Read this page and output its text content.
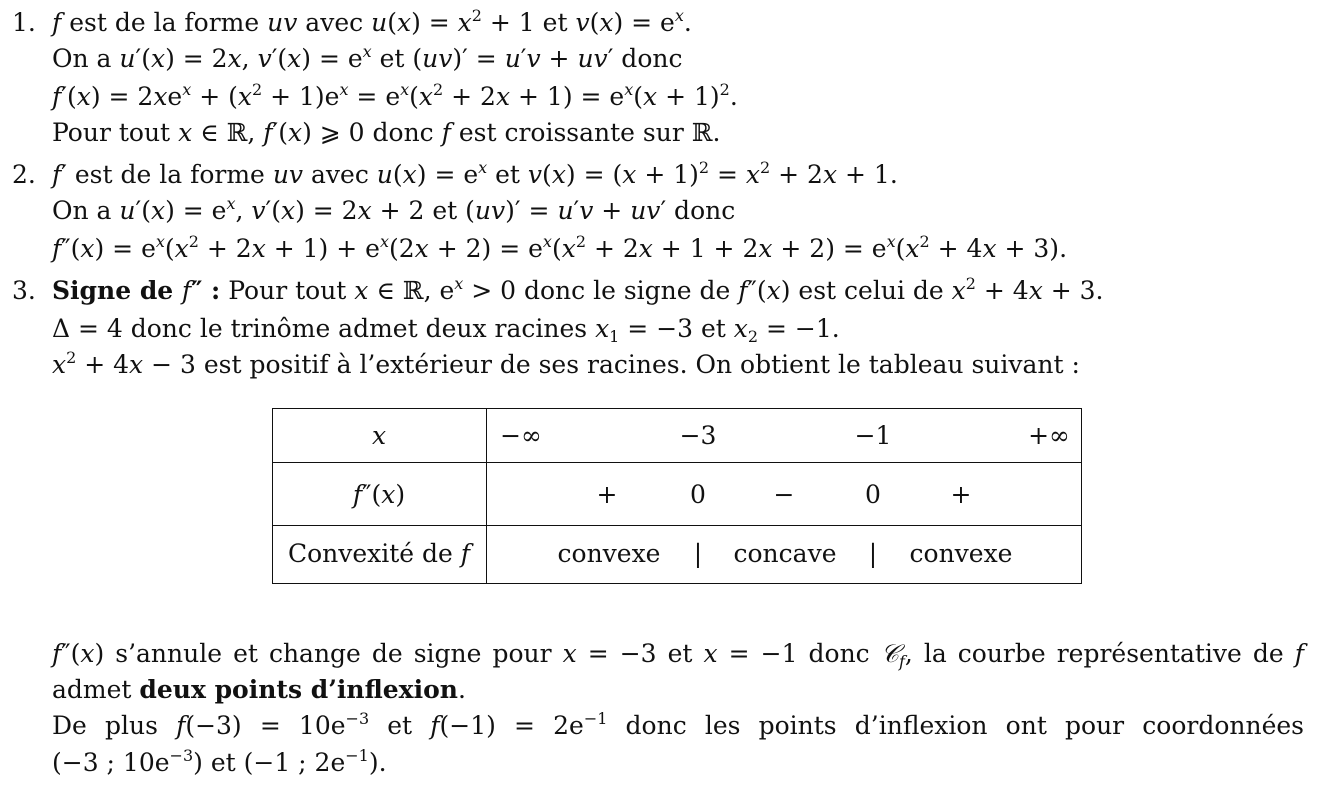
1. f est de la forme uv avec $u(x) = x^2 + 1$ et $v(x) = e^x$.
On a u′(x) = 2x, $v'(x) = e^x$ et (uv)′ = u′v + uv′ donc
$f'(x) = 2xe^x + (x^2 + 1)e^x = e^x(x^2 + 2x + 1) = e^x(x + 1)^2$.
Pour tout x ∈ ℝ, f′(x) ⩾ 0 donc f est croissante sur ℝ.
2. f′ est de la forme uv avec $u(x) = e^x$ et $v(x) = (x + 1)^2 = x^2 + 2x + 1$.
On a $u'(x) = e^x$, v′(x) = 2x + 2 et (uv)′ = u′v + uv′ donc
$f''(x) = e^x(x^2 + 2x + 1) + e^x(2x + 2) = e^x(x^2 + 2x + 1 + 2x + 2) = e^x(x^2 + 4x + 3)$.
3. Signe de f″ : Pour tout x ∈ ℝ, $e^x > 0$ donc le signe de f″(x) est celui de $x^2 + 4x + 3$.
Δ = 4 donc le trinôme admet deux racines $x_1 = -3$ et $x_2 = -1$.
$x^2 + 4x - 3$ est positif à l’extérieur de ses racines. On obtient le tableau suivant :
x	−∞	−3	−1	+∞
f″(x)	+	0	−	0	+
Convexité de f	convexe | concave | convexe
f″(x) s’annule et change de signe pour x = −3 et x = −1 donc 𝒞$_f$, la courbe représentative de f
admet deux points d’inflexion.
De plus $f(-3) = 10e^{-3}$ et $f(-1) = 2e^{-1}$ donc les points d’inflexion ont pour coordonnées
(−3 ; $10e^{-3}$) et (−1 ; $2e^{-1}$).
